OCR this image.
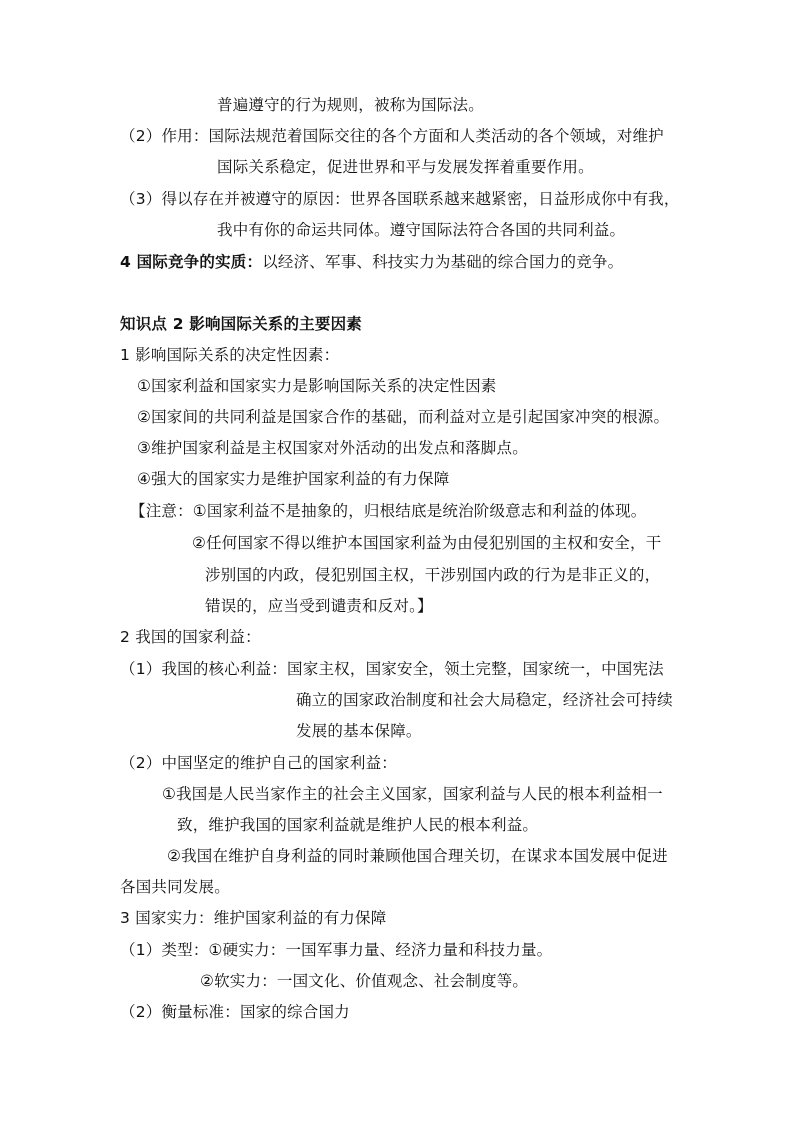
普遍遵守的行为规则，被称为国际法。
（2）作用：国际法规范着国际交往的各个方面和人类活动的各个领域，对维护
国际关系稳定，促进世界和平与发展发挥着重要作用。
（3）得以存在并被遵守的原因：世界各国联系越来越紧密，日益形成你中有我，
我中有你的命运共同体。遵守国际法符合各国的共同利益。
4 国际竞争的实质：以经济、军事、科技实力为基础的综合国力的竞争。
知识点 2 影响国际关系的主要因素
1 影响国际关系的决定性因素：
①国家利益和国家实力是影响国际关系的决定性因素
②国家间的共同利益是国家合作的基础，而利益对立是引起国家冲突的根源。
③维护国家利益是主权国家对外活动的出发点和落脚点。
④强大的国家实力是维护国家利益的有力保障
【注意：①国家利益不是抽象的，归根结底是统治阶级意志和利益的体现。
②任何国家不得以维护本国国家利益为由侵犯别国的主权和安全，干
涉别国的内政，侵犯别国主权，干涉别国内政的行为是非正义的，
错误的，应当受到谴责和反对。】
2 我国的国家利益：
（1）我国的核心利益：国家主权，国家安全，领土完整，国家统一，中国宪法
确立的国家政治制度和社会大局稳定，经济社会可持续
发展的基本保障。
（2）中国坚定的维护自己的国家利益：
①我国是人民当家作主的社会主义国家，国家利益与人民的根本利益相一
致，维护我国的国家利益就是维护人民的根本利益。
②我国在维护自身利益的同时兼顾他国合理关切，在谋求本国发展中促进
各国共同发展。
3 国家实力：维护国家利益的有力保障
（1）类型：①硬实力：一国军事力量、经济力量和科技力量。
②软实力：一国文化、价值观念、社会制度等。
（2）衡量标准：国家的综合国力
